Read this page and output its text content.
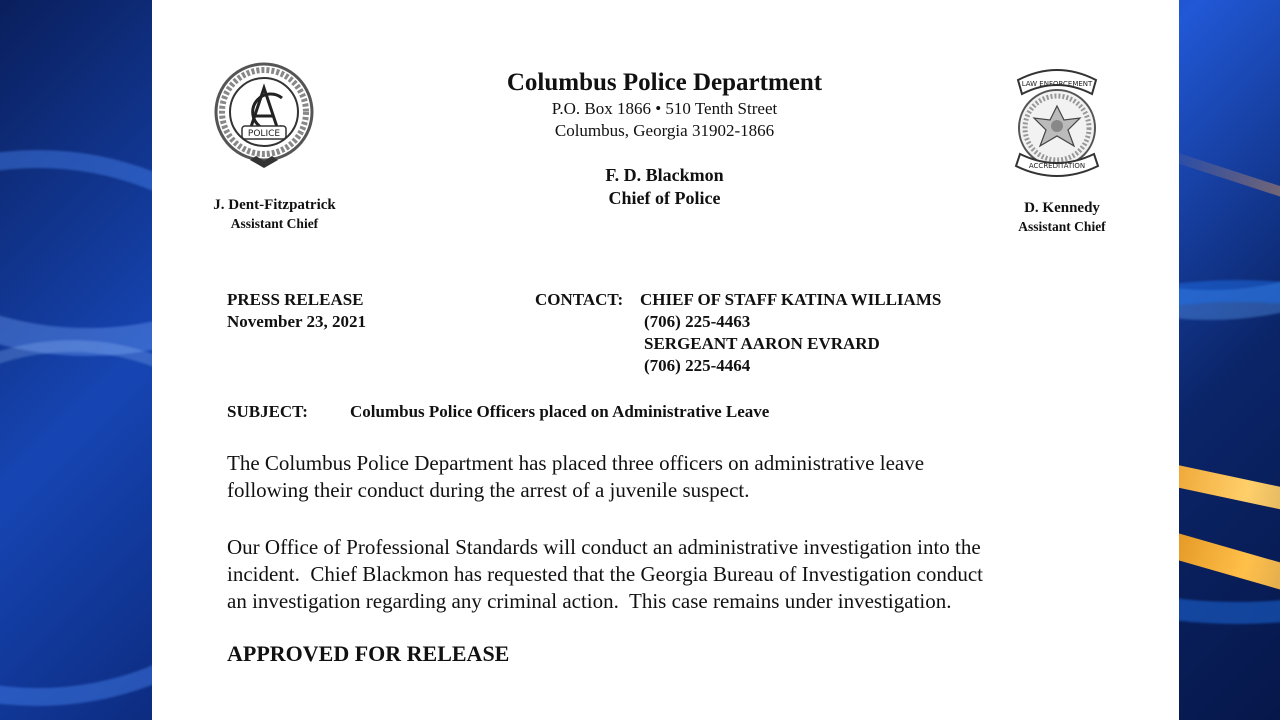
POLICE
LAW ENFORCEMENT
ACCREDITATION
Columbus Police Department
P.O. Box 1866 • 510 Tenth Street
Columbus, Georgia 31902-1866
F. D. Blackmon
Chief of Police
J. Dent-Fitzpatrick
Assistant Chief
D. Kennedy
Assistant Chief
PRESS RELEASE
November 23, 2021
CONTACT: CHIEF OF STAFF KATINA WILLIAMS
(706) 225-4463
SERGEANT AARON EVRARD
(706) 225-4464
SUBJECT:	Columbus Police Officers placed on Administrative Leave
The Columbus Police Department has placed three officers on administrative leave
following their conduct during the arrest of a juvenile suspect.
Our Office of Professional Standards will conduct an administrative investigation into the
incident.  Chief Blackmon has requested that the Georgia Bureau of Investigation conduct
an investigation regarding any criminal action.  This case remains under investigation.
APPROVED FOR RELEASE
